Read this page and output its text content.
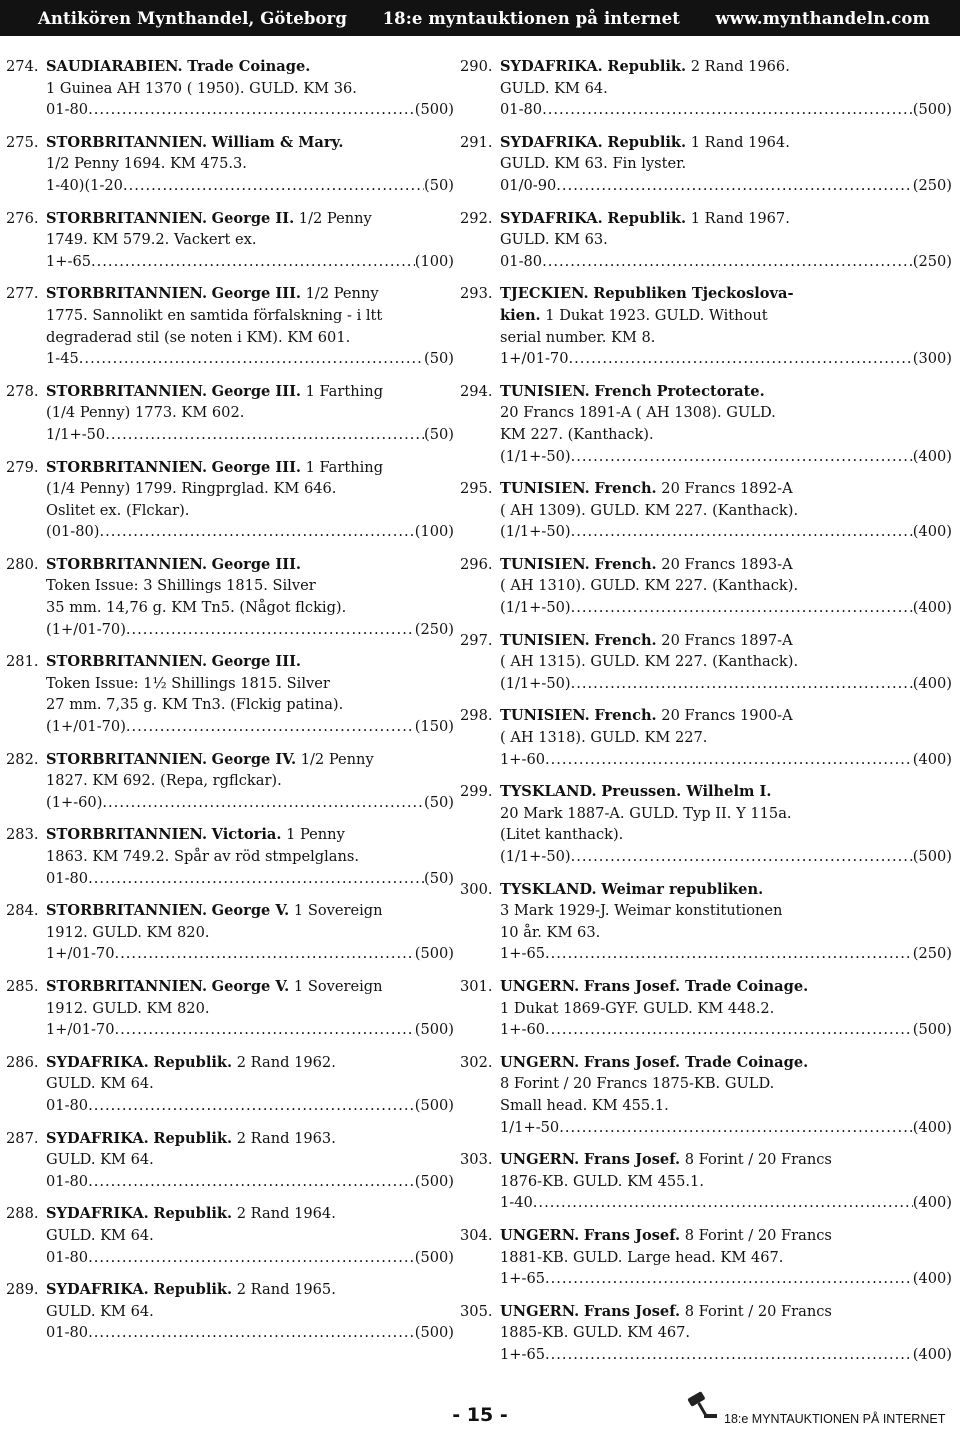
Antikören Mynthandel, Göteborg 18:e myntauktionen på internet www.mynthandeln.com
274. SAUDIARABIEN. Trade Coinage.
1 Guinea AH 1370 ( 1950). GULD. KM 36.
01-80 .....	(500)
275. STORBRITANNIEN. William & Mary.
1/2 Penny 1694. KM 475.3.
1-40)(1-20 .....	(50)
276. STORBRITANNIEN. George II. 1/2 Penny
1749. KM 579.2. Vackert ex.
1+-65 .....	(100)
277. STORBRITANNIEN. George III. 1/2 Penny
1775. Sannolikt en samtida förfalskning - i ltt
degraderad stil (se noten i KM). KM 601.
1-45 .....	(50)
278. STORBRITANNIEN. George III. 1 Farthing
(1/4 Penny) 1773. KM 602.
1/1+-50 .....	(50)
279. STORBRITANNIEN. George III. 1 Farthing
(1/4 Penny) 1799. Ringprglad. KM 646.
Oslitet ex. (Flckar).
(01-80) .....	(100)
280. STORBRITANNIEN. George III.
Token Issue: 3 Shillings 1815. Silver
35 mm. 14,76 g. KM Tn5. (Något flckig).
(1+/01-70) .....	(250)
281. STORBRITANNIEN. George III.
Token Issue: 1½ Shillings 1815. Silver
27 mm. 7,35 g. KM Tn3. (Flckig patina).
(1+/01-70) .....	(150)
282. STORBRITANNIEN. George IV. 1/2 Penny
1827. KM 692. (Repa, rgflckar).
(1+-60) .....	(50)
283. STORBRITANNIEN. Victoria. 1 Penny
1863. KM 749.2. Spår av röd stmpelglans.
01-80 .....	(50)
284. STORBRITANNIEN. George V. 1 Sovereign
1912. GULD. KM 820.
1+/01-70 .....	(500)
285. STORBRITANNIEN. George V. 1 Sovereign
1912. GULD. KM 820.
1+/01-70 .....	(500)
286. SYDAFRIKA. Republik. 2 Rand 1962.
GULD. KM 64.
01-80 .....	(500)
287. SYDAFRIKA. Republik. 2 Rand 1963.
GULD. KM 64.
01-80 .....	(500)
288. SYDAFRIKA. Republik. 2 Rand 1964.
GULD. KM 64.
01-80 .....	(500)
289. SYDAFRIKA. Republik. 2 Rand 1965.
GULD. KM 64.
01-80 .....	(500)
290. SYDAFRIKA. Republik. 2 Rand 1966.
GULD. KM 64.
01-80 .....	(500)
291. SYDAFRIKA. Republik. 1 Rand 1964.
GULD. KM 63. Fin lyster.
01/0-90 .....	(250)
292. SYDAFRIKA. Republik. 1 Rand 1967.
GULD. KM 63.
01-80 .....	(250)
293. TJECKIEN. Republiken Tjeckoslova-
kien. 1 Dukat 1923. GULD. Without
serial number. KM 8.
1+/01-70 .....	(300)
294. TUNISIEN. French Protectorate.
20 Francs 1891-A ( AH 1308). GULD.
KM 227. (Kanthack).
(1/1+-50) .....	(400)
295. TUNISIEN. French. 20 Francs 1892-A
( AH 1309). GULD. KM 227. (Kanthack).
(1/1+-50) .....	(400)
296. TUNISIEN. French. 20 Francs 1893-A
( AH 1310). GULD. KM 227. (Kanthack).
(1/1+-50) .....	(400)
297. TUNISIEN. French. 20 Francs 1897-A
( AH 1315). GULD. KM 227. (Kanthack).
(1/1+-50) .....	(400)
298. TUNISIEN. French. 20 Francs 1900-A
( AH 1318). GULD. KM 227.
1+-60 .....	(400)
299. TYSKLAND. Preussen. Wilhelm I.
20 Mark 1887-A. GULD. Typ II. Y 115a.
(Litet kanthack).
(1/1+-50) .....	(500)
300. TYSKLAND. Weimar republiken.
3 Mark 1929-J. Weimar konstitutionen
10 år. KM 63.
1+-65 .....	(250)
301. UNGERN. Frans Josef. Trade Coinage.
1 Dukat 1869-GYF. GULD. KM 448.2.
1+-60 .....	(500)
302. UNGERN. Frans Josef. Trade Coinage.
8 Forint / 20 Francs 1875-KB. GULD.
Small head. KM 455.1.
1/1+-50 .....	(400)
303. UNGERN. Frans Josef. 8 Forint / 20 Francs
1876-KB. GULD. KM 455.1.
1-40 .....	(400)
304. UNGERN. Frans Josef. 8 Forint / 20 Francs
1881-KB. GULD. Large head. KM 467.
1+-65 .....	(400)
305. UNGERN. Frans Josef. 8 Forint / 20 Francs
1885-KB. GULD. KM 467.
1+-65 .....	(400)
- 15 -	18:e MYNTAUKTIONEN PÅ INTERNET
